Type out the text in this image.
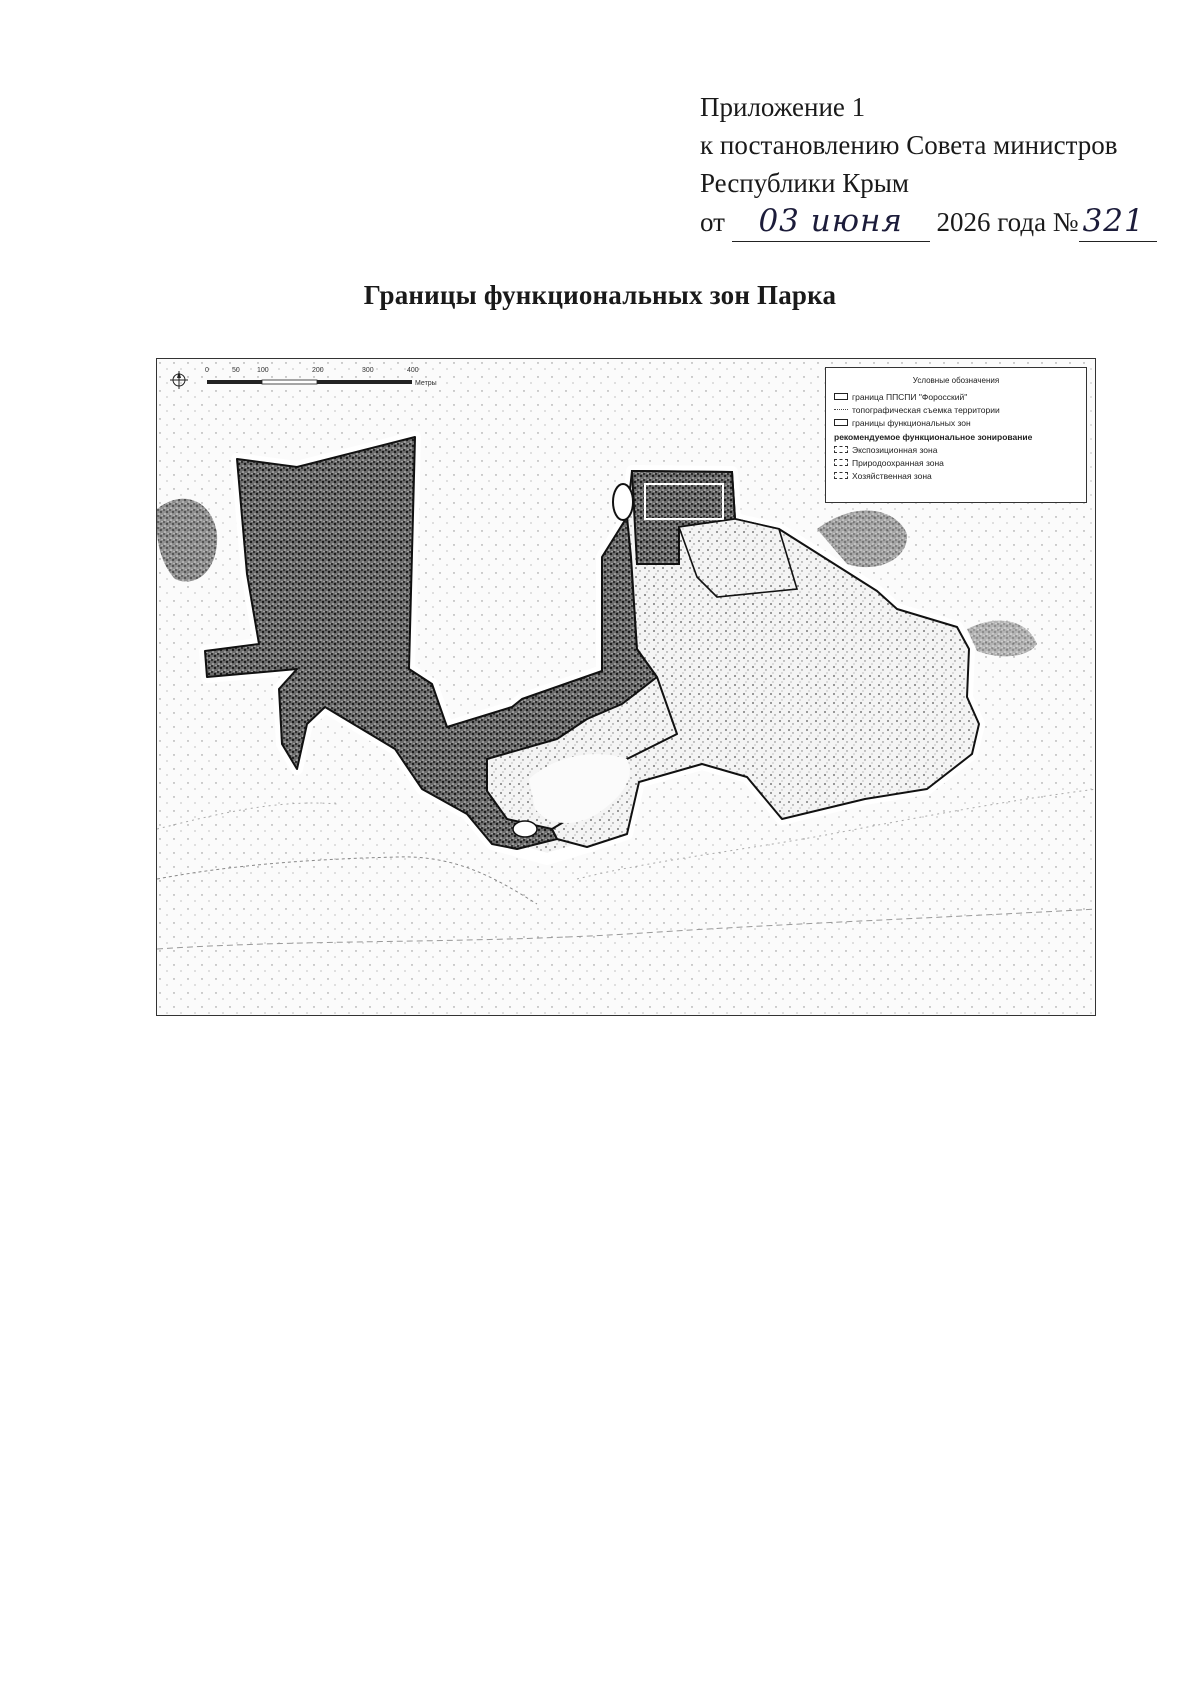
Приложение 1
к постановлению Совета министров
Республики Крым
от 03 июня 2026 года № 321
Границы функциональных зон Парка
0	50 100	200	300	400
Метры	Условные обозначения
граница ППСПИ "Форосский"
топографическая съемка территории
границы функциональных зон
рекомендуемое функциональное зонирование
Экспозиционная зона
Природоохранная зона
Хозяйственная зона
